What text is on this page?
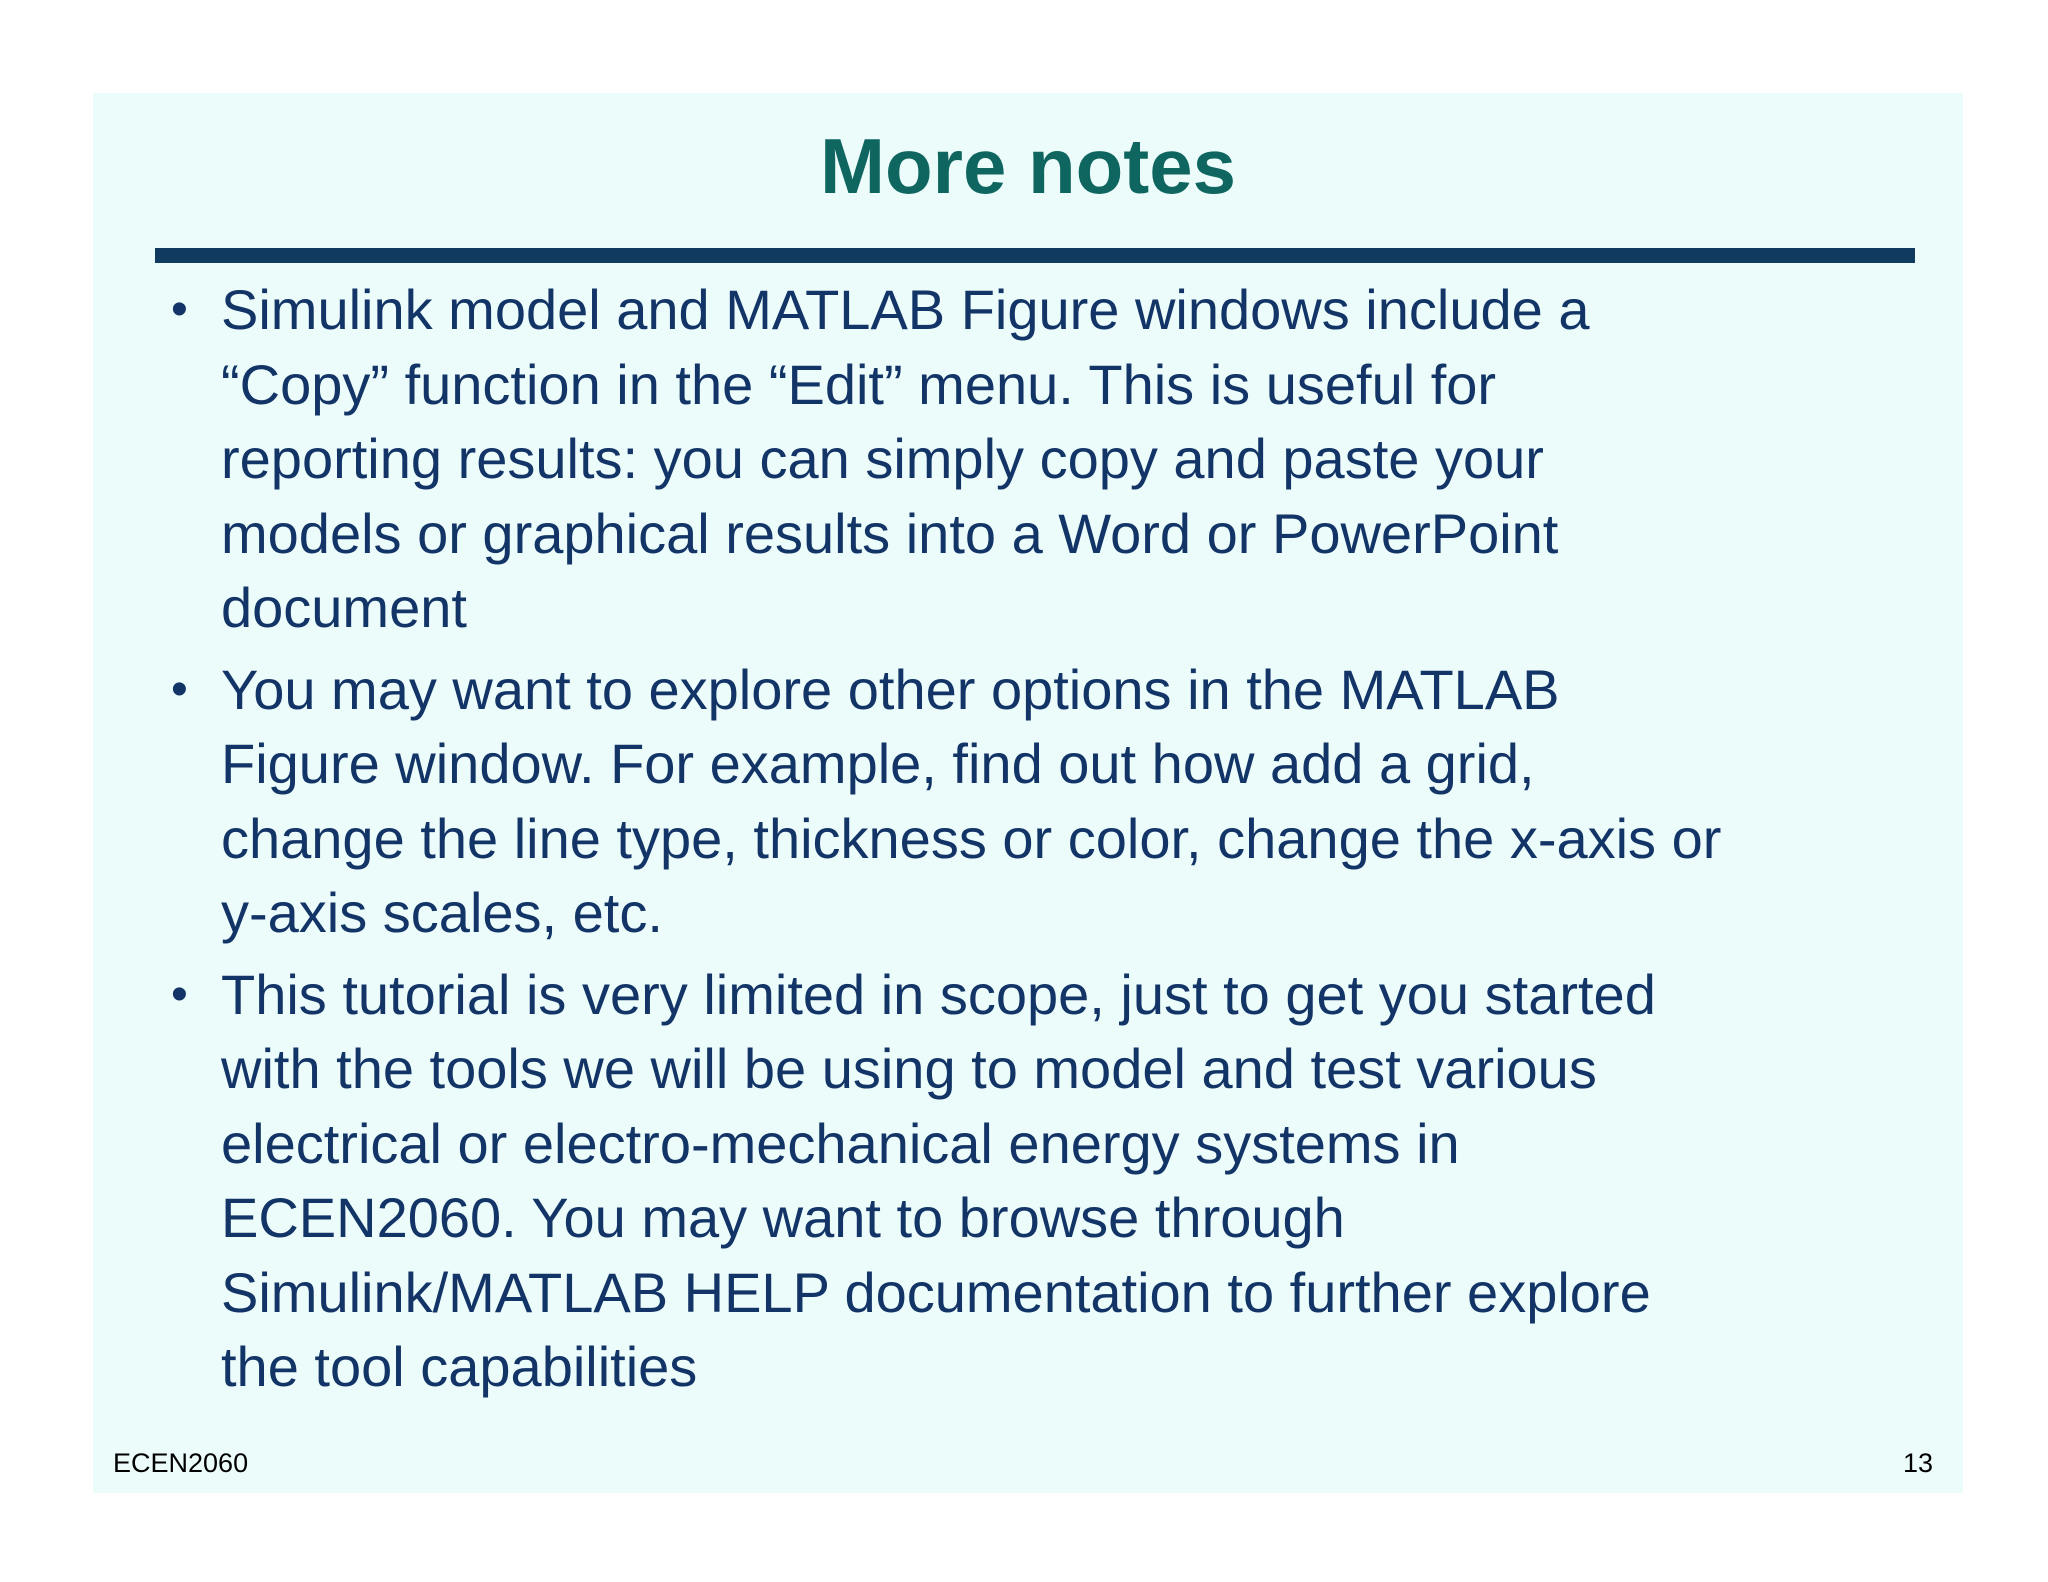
More notes
• Simulink model and MATLAB Figure windows include a
“Copy” function in the “Edit” menu. This is useful for
reporting results: you can simply copy and paste your
models or graphical results into a Word or PowerPoint
document
• You may want to explore other options in the MATLAB
Figure window. For example, find out how add a grid,
change the line type, thickness or color, change the x-axis or
y-axis scales, etc.
• This tutorial is very limited in scope, just to get you started
with the tools we will be using to model and test various
electrical or electro-mechanical energy systems in
ECEN2060. You may want to browse through
Simulink/MATLAB HELP documentation to further explore
the tool capabilities
ECEN2060	13
